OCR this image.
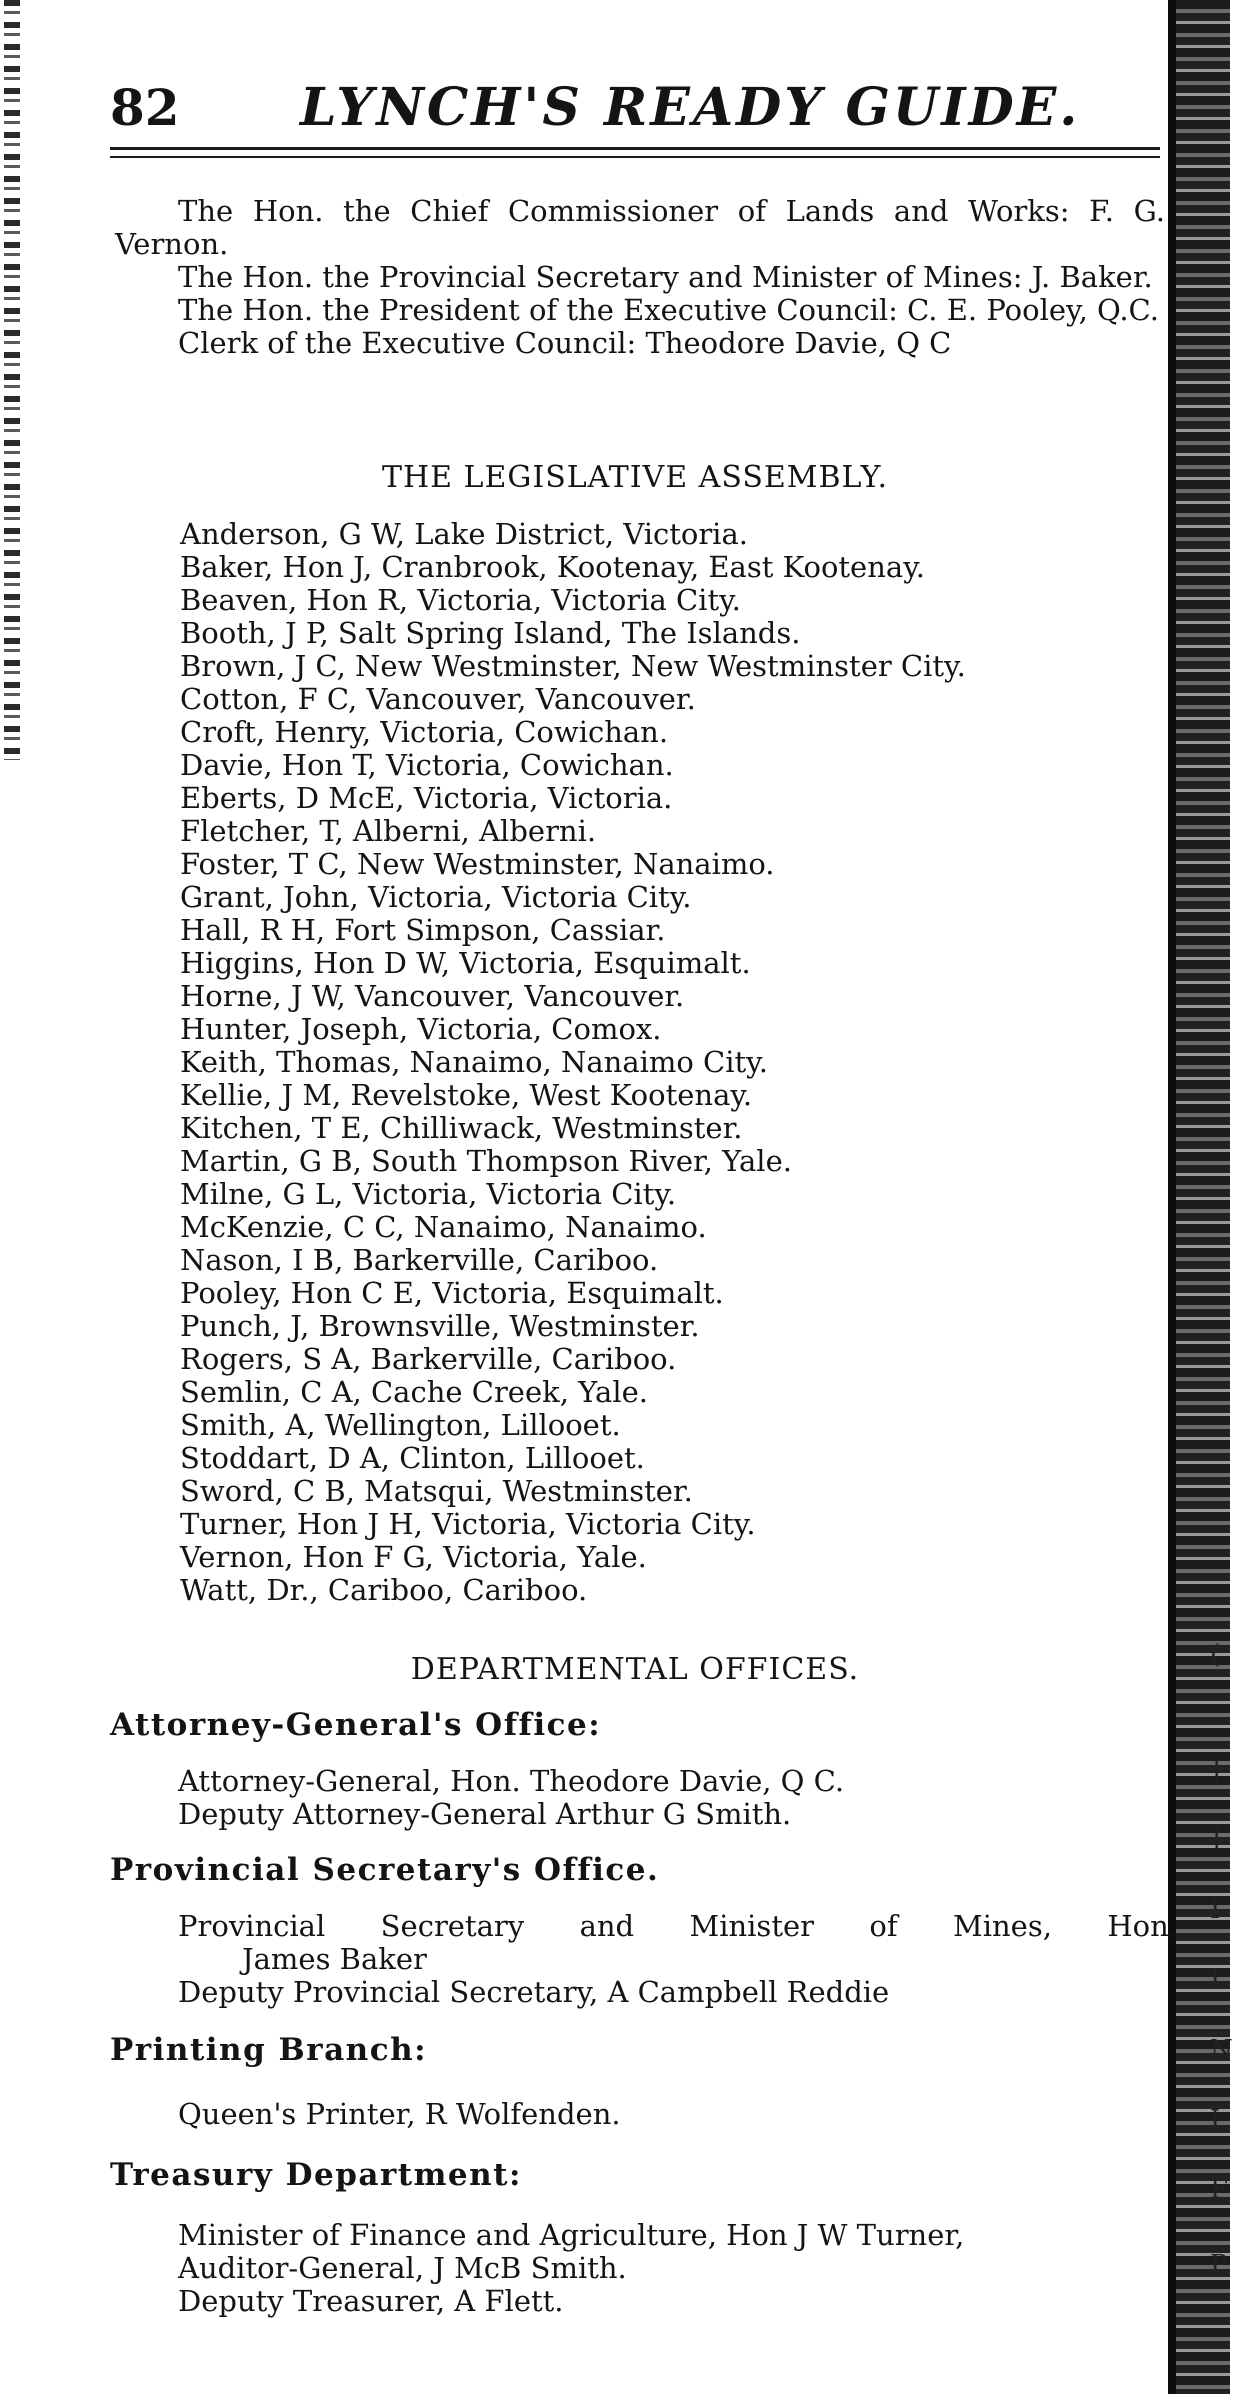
82 LYNCH'S READY GUIDE.

The Hon. the Chief Commissioner of Lands and Works: F. G. Vernon.

The Hon. the Provincial Secretary and Minister of Mines: J. Baker.

The Hon. the President of the Executive Council: C. E. Pooley, Q.C.

Clerk of the Executive Council: Theodore Davie, Q C

THE LEGISLATIVE ASSEMBLY.
Anderson, G W, Lake District, Victoria.
Baker, Hon J, Cranbrook, Kootenay, East Kootenay.
Beaven, Hon R, Victoria, Victoria City.
Booth, J P, Salt Spring Island, The Islands.
Brown, J C, New Westminster, New Westminster City.
Cotton, F C, Vancouver, Vancouver.
Croft, Henry, Victoria, Cowichan.
Davie, Hon T, Victoria, Cowichan.
Eberts, D McE, Victoria, Victoria.
Fletcher, T, Alberni, Alberni.
Foster, T C, New Westminster, Nanaimo.
Grant, John, Victoria, Victoria City.
Hall, R H, Fort Simpson, Cassiar.
Higgins, Hon D W, Victoria, Esquimalt.
Horne, J W, Vancouver, Vancouver.
Hunter, Joseph, Victoria, Comox.
Keith, Thomas, Nanaimo, Nanaimo City.
Kellie, J M, Revelstoke, West Kootenay.
Kitchen, T E, Chilliwack, Westminster.
Martin, G B, South Thompson River, Yale.
Milne, G L, Victoria, Victoria City.
McKenzie, C C, Nanaimo, Nanaimo.
Nason, I B, Barkerville, Cariboo.
Pooley, Hon C E, Victoria, Esquimalt.
Punch, J, Brownsville, Westminster.
Rogers, S A, Barkerville, Cariboo.
Semlin, C A, Cache Creek, Yale.
Smith, A, Wellington, Lillooet.
Stoddart, D A, Clinton, Lillooet.
Sword, C B, Matsqui, Westminster.
Turner, Hon J H, Victoria, Victoria City.
Vernon, Hon F G, Victoria, Yale.
Watt, Dr., Cariboo, Cariboo.
DEPARTMENTAL OFFICES.
Attorney-General's Office:
Attorney-General, Hon. Theodore Davie, Q C.
Deputy Attorney-General Arthur G Smith.
Provincial Secretary's Office.
Provincial Secretary and Minister of Mines, Hon.
James Baker
Deputy Provincial Secretary, A Campbell Reddie
Printing Branch:
Queen's Printer, R Wolfenden.
Treasury Department:
Minister of Finance and Agriculture, Hon J W Turner,
Auditor-General, J McB Smith.
Deputy Treasurer, A Flett.
(
]
]
I
I
N
I
F
P
